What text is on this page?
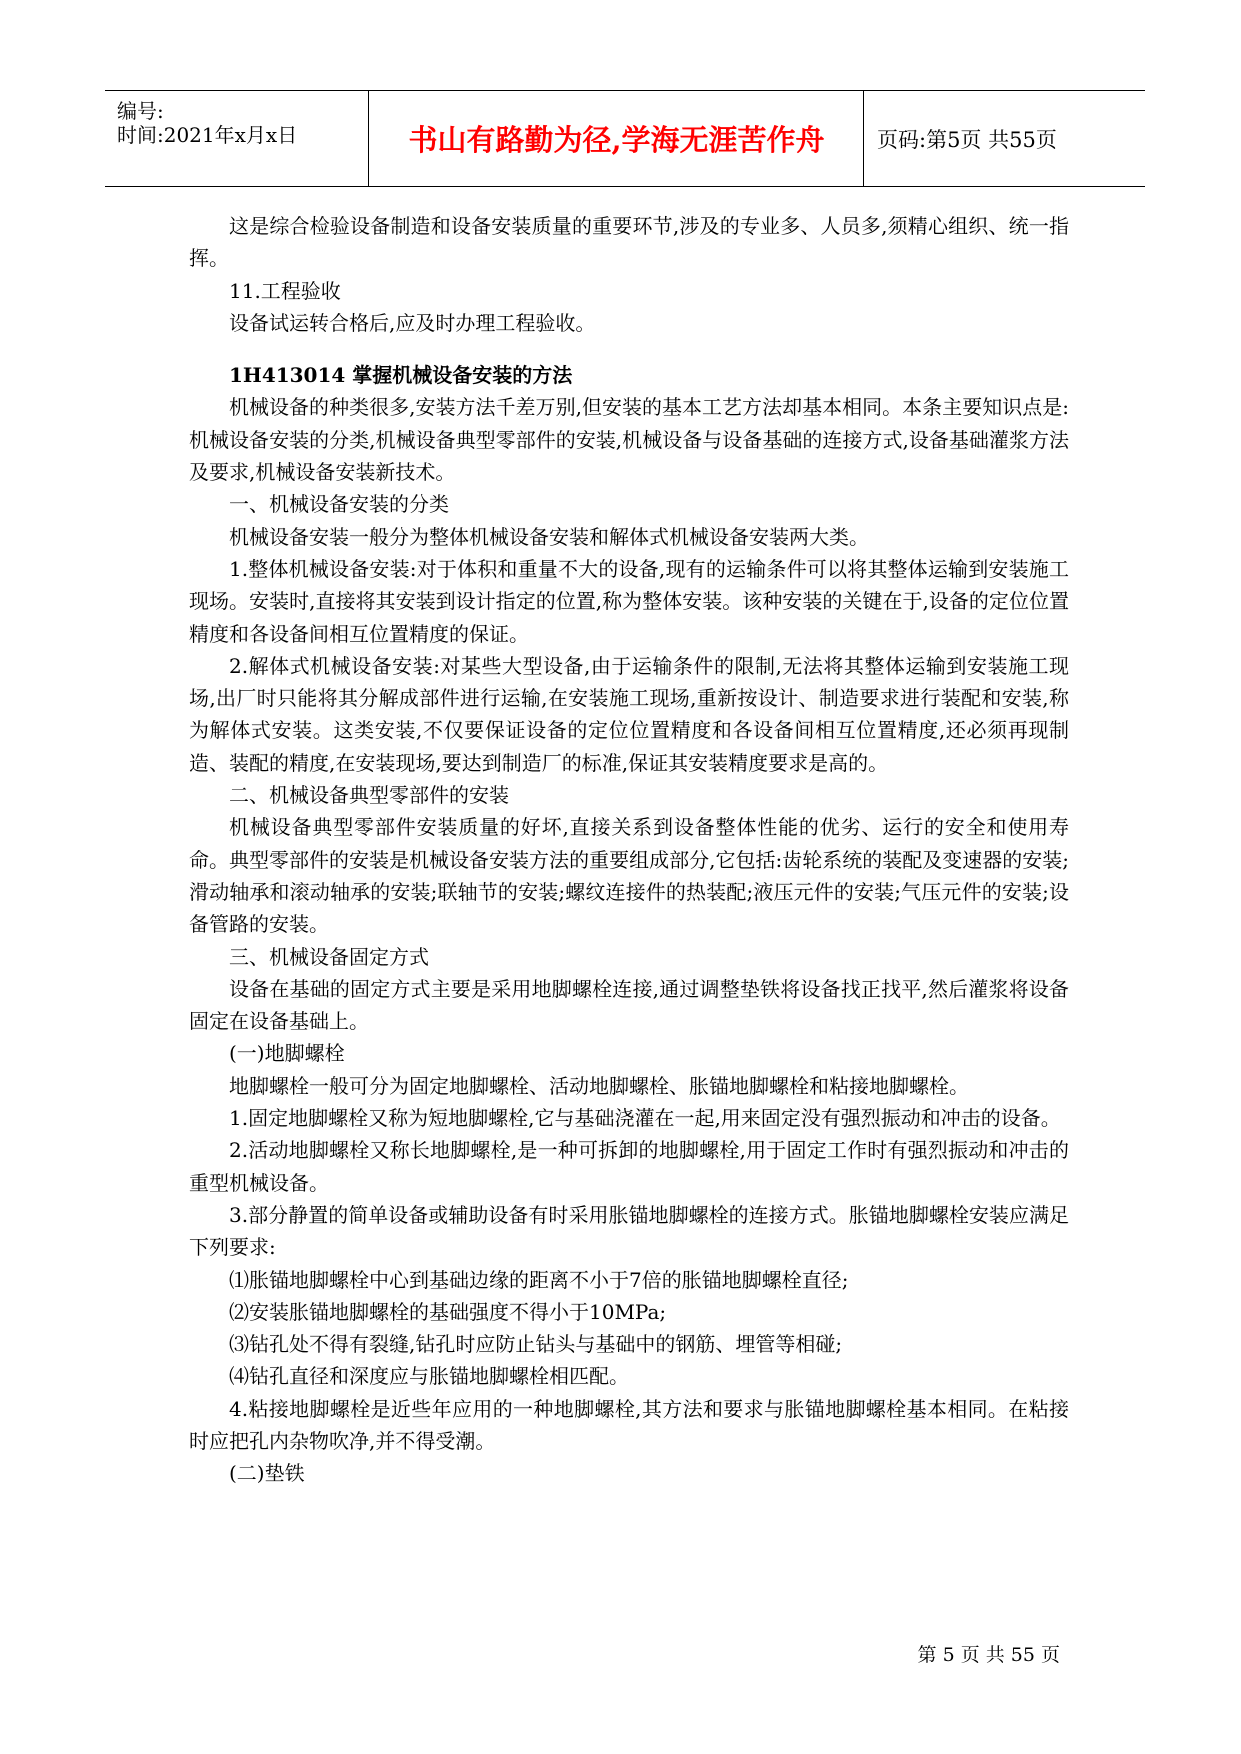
编号:
时间:2021年x月x日	书山有路勤为径,学海无涯苦作舟	页码:第5页 共55页

这是综合检验设备制造和设备安装质量的重要环节,涉及的专业多、人员多,须精心组织、统一指挥。

11.工程验收

设备试运转合格后,应及时办理工程验收。

1H413014 掌握机械设备安装的方法

机械设备的种类很多,安装方法千差万别,但安装的基本工艺方法却基本相同。本条主要知识点是:机械设备安装的分类,机械设备典型零部件的安装,机械设备与设备基础的连接方式,设备基础灌浆方法及要求,机械设备安装新技术。

一、机械设备安装的分类

机械设备安装一般分为整体机械设备安装和解体式机械设备安装两大类。

1.整体机械设备安装:对于体积和重量不大的设备,现有的运输条件可以将其整体运输到安装施工现场。安装时,直接将其安装到设计指定的位置,称为整体安装。该种安装的关键在于,设备的定位位置精度和各设备间相互位置精度的保证。

2.解体式机械设备安装:对某些大型设备,由于运输条件的限制,无法将其整体运输到安装施工现场,出厂时只能将其分解成部件进行运输,在安装施工现场,重新按设计、制造要求进行装配和安装,称为解体式安装。这类安装,不仅要保证设备的定位位置精度和各设备间相互位置精度,还必须再现制造、装配的精度,在安装现场,要达到制造厂的标准,保证其安装精度要求是高的。

二、机械设备典型零部件的安装

机械设备典型零部件安装质量的好坏,直接关系到设备整体性能的优劣、运行的安全和使用寿命。典型零部件的安装是机械设备安装方法的重要组成部分,它包括:齿轮系统的装配及变速器的安装;滑动轴承和滚动轴承的安装;联轴节的安装;螺纹连接件的热装配;液压元件的安装;气压元件的安装;设备管路的安装。

三、机械设备固定方式

设备在基础的固定方式主要是采用地脚螺栓连接,通过调整垫铁将设备找正找平,然后灌浆将设备固定在设备基础上。

(一)地脚螺栓

地脚螺栓一般可分为固定地脚螺栓、活动地脚螺栓、胀锚地脚螺栓和粘接地脚螺栓。

1.固定地脚螺栓又称为短地脚螺栓,它与基础浇灌在一起,用来固定没有强烈振动和冲击的设备。

2.活动地脚螺栓又称长地脚螺栓,是一种可拆卸的地脚螺栓,用于固定工作时有强烈振动和冲击的重型机械设备。

3.部分静置的简单设备或辅助设备有时采用胀锚地脚螺栓的连接方式。胀锚地脚螺栓安装应满足下列要求:

⑴胀锚地脚螺栓中心到基础边缘的距离不小于7倍的胀锚地脚螺栓直径;

⑵安装胀锚地脚螺栓的基础强度不得小于10MPa;

⑶钻孔处不得有裂缝,钻孔时应防止钻头与基础中的钢筋、埋管等相碰;

⑷钻孔直径和深度应与胀锚地脚螺栓相匹配。

4.粘接地脚螺栓是近些年应用的一种地脚螺栓,其方法和要求与胀锚地脚螺栓基本相同。在粘接时应把孔内杂物吹净,并不得受潮。

(二)垫铁

第 5 页 共 55 页
